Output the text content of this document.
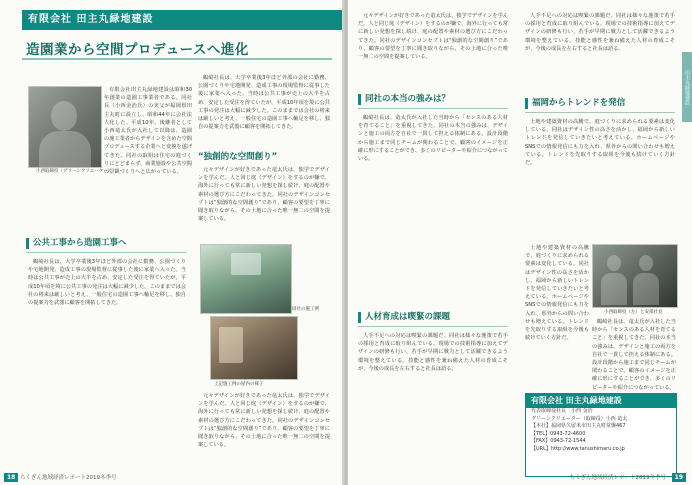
有限会社 田主丸緑地建設
造園業から空間プロデュースへ進化
小西取締役（グリーンクリエーター）

有限会社田主丸緑地建設は昭和30年創業の造園工事業者である。同社長（小西金治氏）の実父が福岡県田主丸町に設立し、昭和44年に会社法人化した。平成10年、後継者として小西竜太氏が入社して以降は、造園の施工業者からデザインを含めた空間プロデュースする企業へと変貌を遂げてきた。同社の取組は住宅の庭づくりにとどまらず、商業施設や公共空間の景観づくりへと広がっている。

公共工事から造園工事へ

鶴崎社長は、大学卒業後3年ほど外部の会社に勤務、公園づくりや宅地開発、造成工事の現場監督に従事した後に家業へ入った。当時は公共工事が売上の大半を占め、安定した受注を得ていたが、平成10年頃を境に公共工事の発注は大幅に減少した。このままでは会社の将来は厳しいと考え、一般住宅の造園工事へ軸足を移し、独自の提案力を武器に顧客を開拓してきた。

鶴崎社長は、大学卒業後3年ほど外部の会社に勤務、公園づくりや宅地開発、造成工事の現場監督に従事した後に家業へ入った。当時は公共工事が売上の大半を占め、安定した受注を得ていたが、平成10年頃を境に公共工事の発注は大幅に減少した。このままでは会社の将来は厳しいと考え、一般住宅の造園工事へ軸足を移し、独自の提案力を武器に顧客を開拓してきた。

“独創的な空間創り”

元々デザインが好きであった竜太氏は、独学でデザインを学んだ。人と同じ庭（デザイン）をするのが嫌で、海外に行っても常に新しい発想を探し続け、庭の配置や素材の選び方にこだわってきた。同社のデザインコンセプトは“独創的な空間創り”であり、顧客の要望を丁寧に聞き取りながら、その土地に合った唯一無二の空間を提案している。

同社の施工例
上記施工例の屋内の様子

元々デザインが好きであった竜太氏は、独学でデザインを学んだ。人と同じ庭（デザイン）をするのが嫌で、海外に行っても常に新しい発想を探し続け、庭の配置や素材の選び方にこだわってきた。同社のデザインコンセプトは“独創的な空間創り”であり、顧客の要望を丁寧に聞き取りながら、その土地に合った唯一無二の空間を提案している。

18 ちくぎん地域経済レポート2019冬季号

元々デザインが好きであった竜太氏は、独学でデザインを学んだ。人と同じ庭（デザイン）をするのが嫌で、海外に行っても常に新しい発想を探し続け、庭の配置や素材の選び方にこだわってきた。同社のデザインコンセプトは“独創的な空間創り”であり、顧客の要望を丁寧に聞き取りながら、その土地に合った唯一無二の空間を提案している。

同社の本当の強みは？

鶴崎社長は、竜太氏が入社した当時から「センスのある人材を育てること」を重視してきた。同社の本当の強みは、デザインと施工の両方を自社で一貫して担える体制にある。設計段階から施工まで同じチームが関わることで、顧客のイメージを正確に形にすることができ、多くのリピーターや紹介につながっている。

人材育成は喫緊の課題

人手不足への対応は喫緊の課題だ。同社は様々な施策で若手の採用と育成に取り組んでいる。現場での技術指導に加えてデザインの研修も行い、若手が早期に戦力として活躍できるよう環境を整えている。技能と感性を兼ね備えた人材の育成こそが、今後の成長を左右すると社長は語る。

人手不足への対応は喫緊の課題だ。同社は様々な施策で若手の採用と育成に取り組んでいる。現場での技術指導に加えてデザインの研修も行い、若手が早期に戦力として活躍できるよう環境を整えている。技能と感性を兼ね備えた人材の育成こそが、今後の成長を左右すると社長は語る。

福岡からトレンドを発信

土地や建築資材の高騰で、庭づくりに求められる要素は変化している。同社はデザイン性の高さを活かし、福岡から新しいトレンドを発信していきたいと考えている。ホームページやSNSでの情報発信にも力を入れ、県外からの問い合わせも増えている。トレンドを先取りする取組を今後も続けていく方針だ。

土地や建築資材の高騰で、庭づくりに求められる要素は変化している。同社はデザイン性の高さを活かし、福岡から新しいトレンドを発信していきたいと考えている。ホームページやSNSでの情報発信にも力を入れ、県外からの問い合わせも増えている。トレンドを先取りする取組を今後も続けていく方針だ。

小西取締役（左）と安部社長

鶴崎社長は、竜太氏が入社した当時から「センスのある人材を育てること」を重視してきた。同社の本当の強みは、デザインと施工の両方を自社で一貫して担える体制にある。設計段階から施工まで同じチームが関わることで、顧客のイメージを正確に形にすることができ、多くのリピーターや紹介につながっている。

有限会社 田主丸緑地建設
代表取締役社長　小西 金治
グリーンクリエーター（取締役）小西 竜太
【本社】福岡県久留米市田主丸町常盤467
【TEL】0943-72-4600
【FAX】0943-72-1544
【URL】http://www.tanushimaru.co.jp
田主丸緑地建設
ちくぎん地域経済レポート2019冬季号	19
